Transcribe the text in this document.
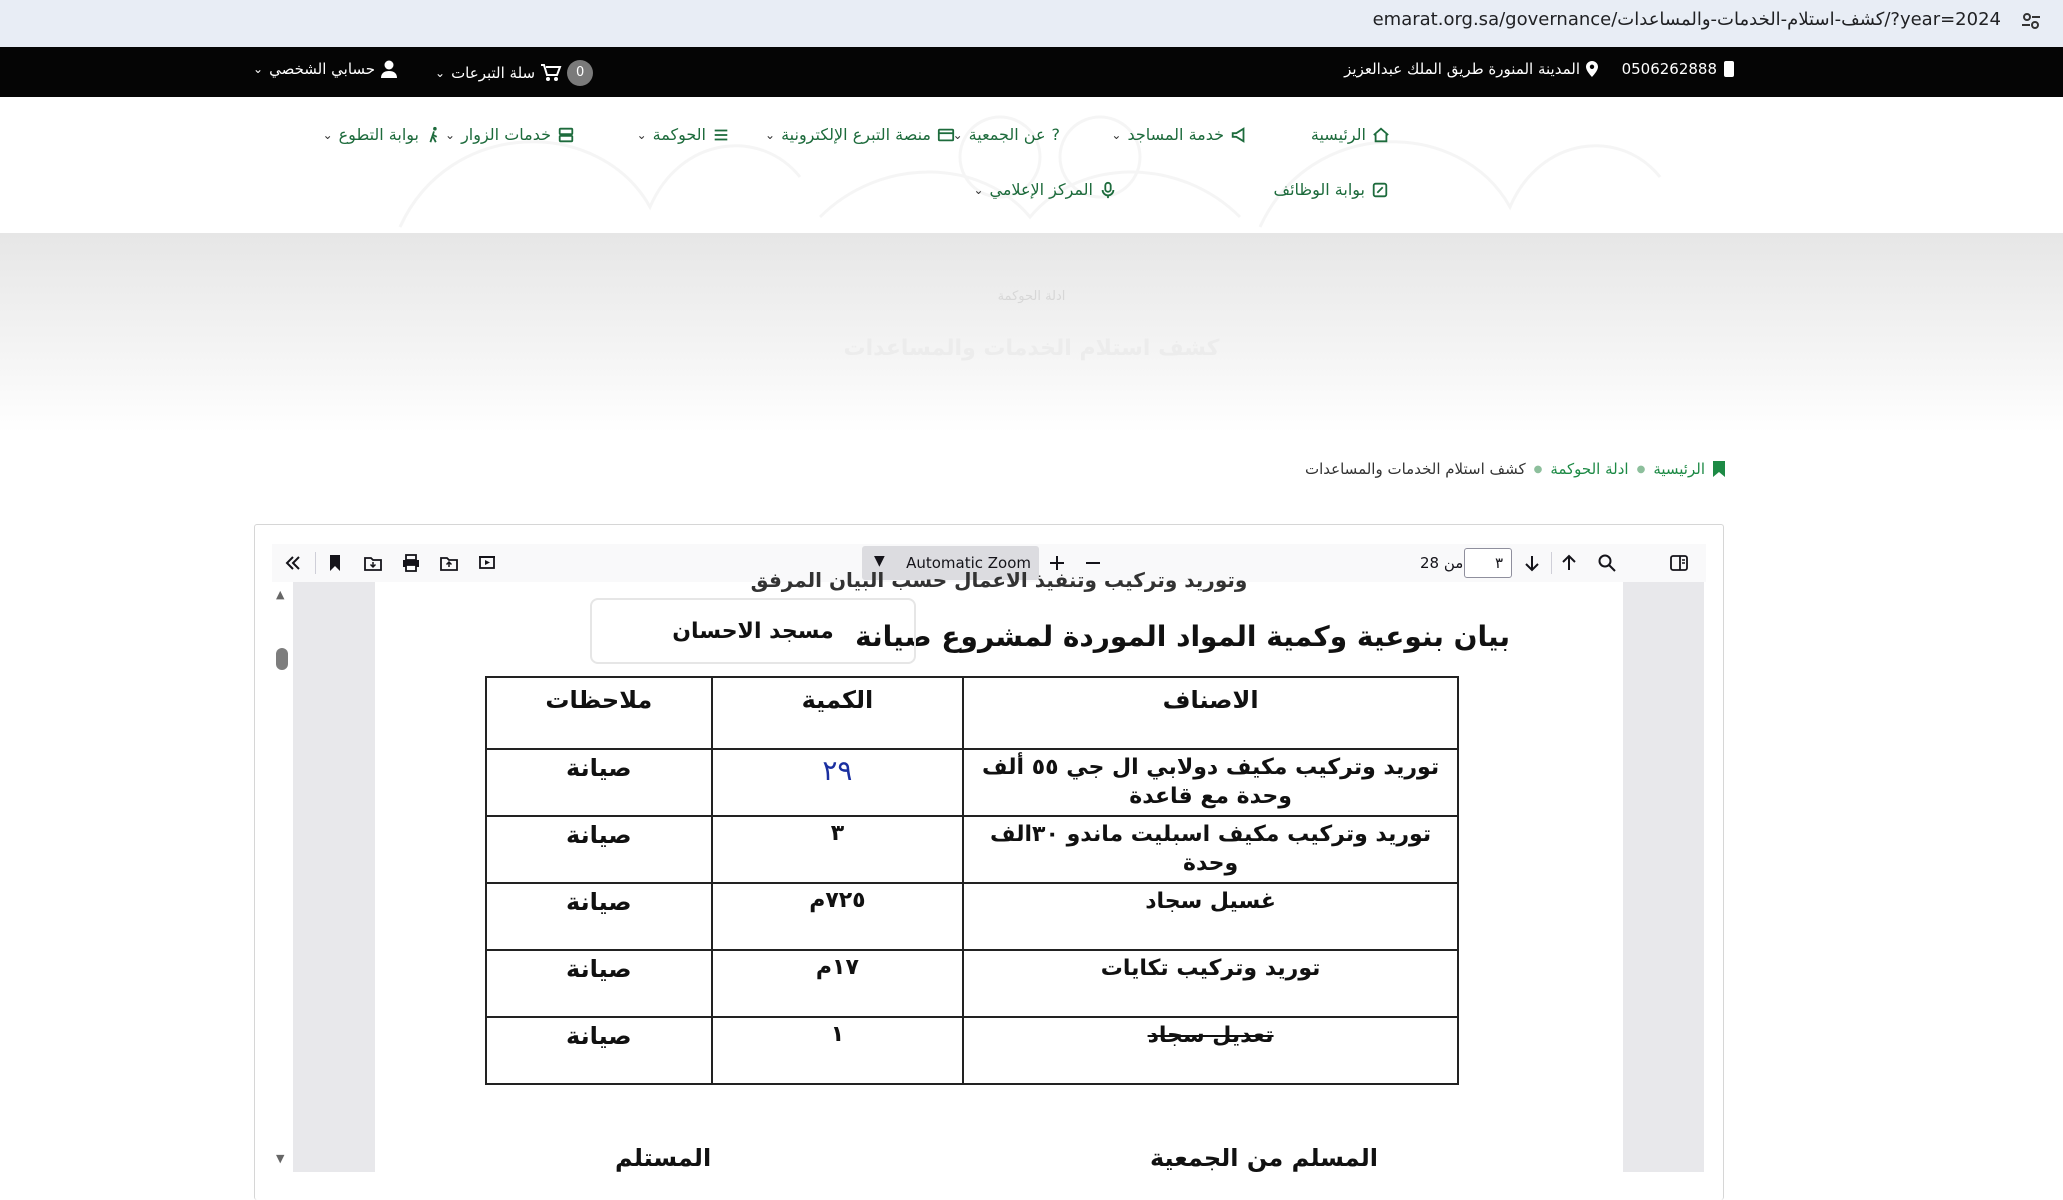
emarat.org.sa/governance/كشف-استلام-الخدمات-والمساعدات/?year=2024
0506262888
المدينة المنورة طريق الملك عبدالعزيز
⌄ سلة التبرعات	0
⌄ حسابي الشخصي
الرئيسية
خدمة المساجد
⌄
?
عن الجمعية
⌄
منصة التبرع الإلكترونية
⌄
الحوكمة
⌄
خدمات الزوار
⌄
بوابة التطوع
⌄
بوابة الوظائف
المركز الإعلامي
⌄
ادلة الحوكمة
كشف استلام الخدمات والمساعدات
الرئيسية
●
ادلة الحوكمة
●
كشف استلام الخدمات والمساعدات
▼ Automatic Zoom	٣
من 28
▲
▼
وتوريد وتركيب وتنفيذ الاعمال حسب البيان المرفق
بيان بنوعية وكمية المواد الموردة لمشروع صيانة
مسجد الاحسان
الاصناف	الكمية	ملاحظات
توريد وتركيب مكيف دولابي ال جي ٥٥ ألف وحدة مع قاعدة	٢٩	صيانة
توريد وتركيب مكيف اسبليت ماندو ٣٠الف وحدة	٣	صيانة
غسيل سجاد	٧٢٥م	صيانة
توريد وتركيب تكايات	١٧م	صيانة
تعديل سجاد	١	صيانة
المسلم من الجمعية
المستلم
